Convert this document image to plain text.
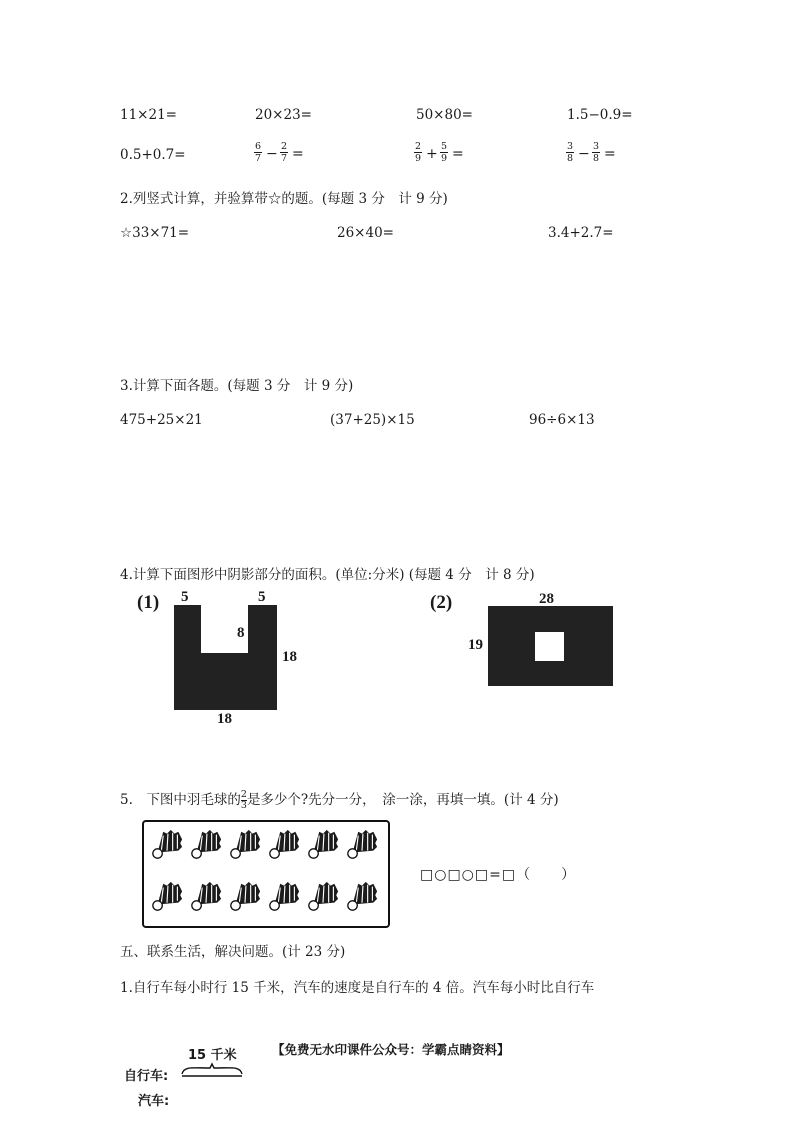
11×21=	20×23=	50×80=	1.5−0.9=
0.5+0.7=	$\frac{6}{7} - \frac{2}{7}$ =	$\frac{2}{9} + \frac{5}{9}$ =	$\frac{3}{8} - \frac{3}{8}$ =
2.列竖式计算，并验算带☆的题。(每题 3 分　计 9 分)
☆33×71=	26×40=	3.4+2.7=
3.计算下面各题。(每题 3 分　计 9 分)
475+25×21	(37+25)×15	96÷6×13
4.计算下面图形中阴影部分的面积。(单位:分米) (每题 4 分　计 8 分)
(1) 5	5
8
18
18
(2)	28
19
5.　下图中羽毛球的 $\frac{2}{3}$ 是多少个?先分一分，　涂一涂，再填一填。(计 4 分)
□○□○□=□（　　）
五、联系生活，解决问题。(计 23 分)
1.自行车每小时行 15 千米，汽车的速度是自行车的 4 倍。汽车每小时比自行车
【免费无水印课件公众号：学霸点睛资料】
15 千米
自行车:
汽车:
